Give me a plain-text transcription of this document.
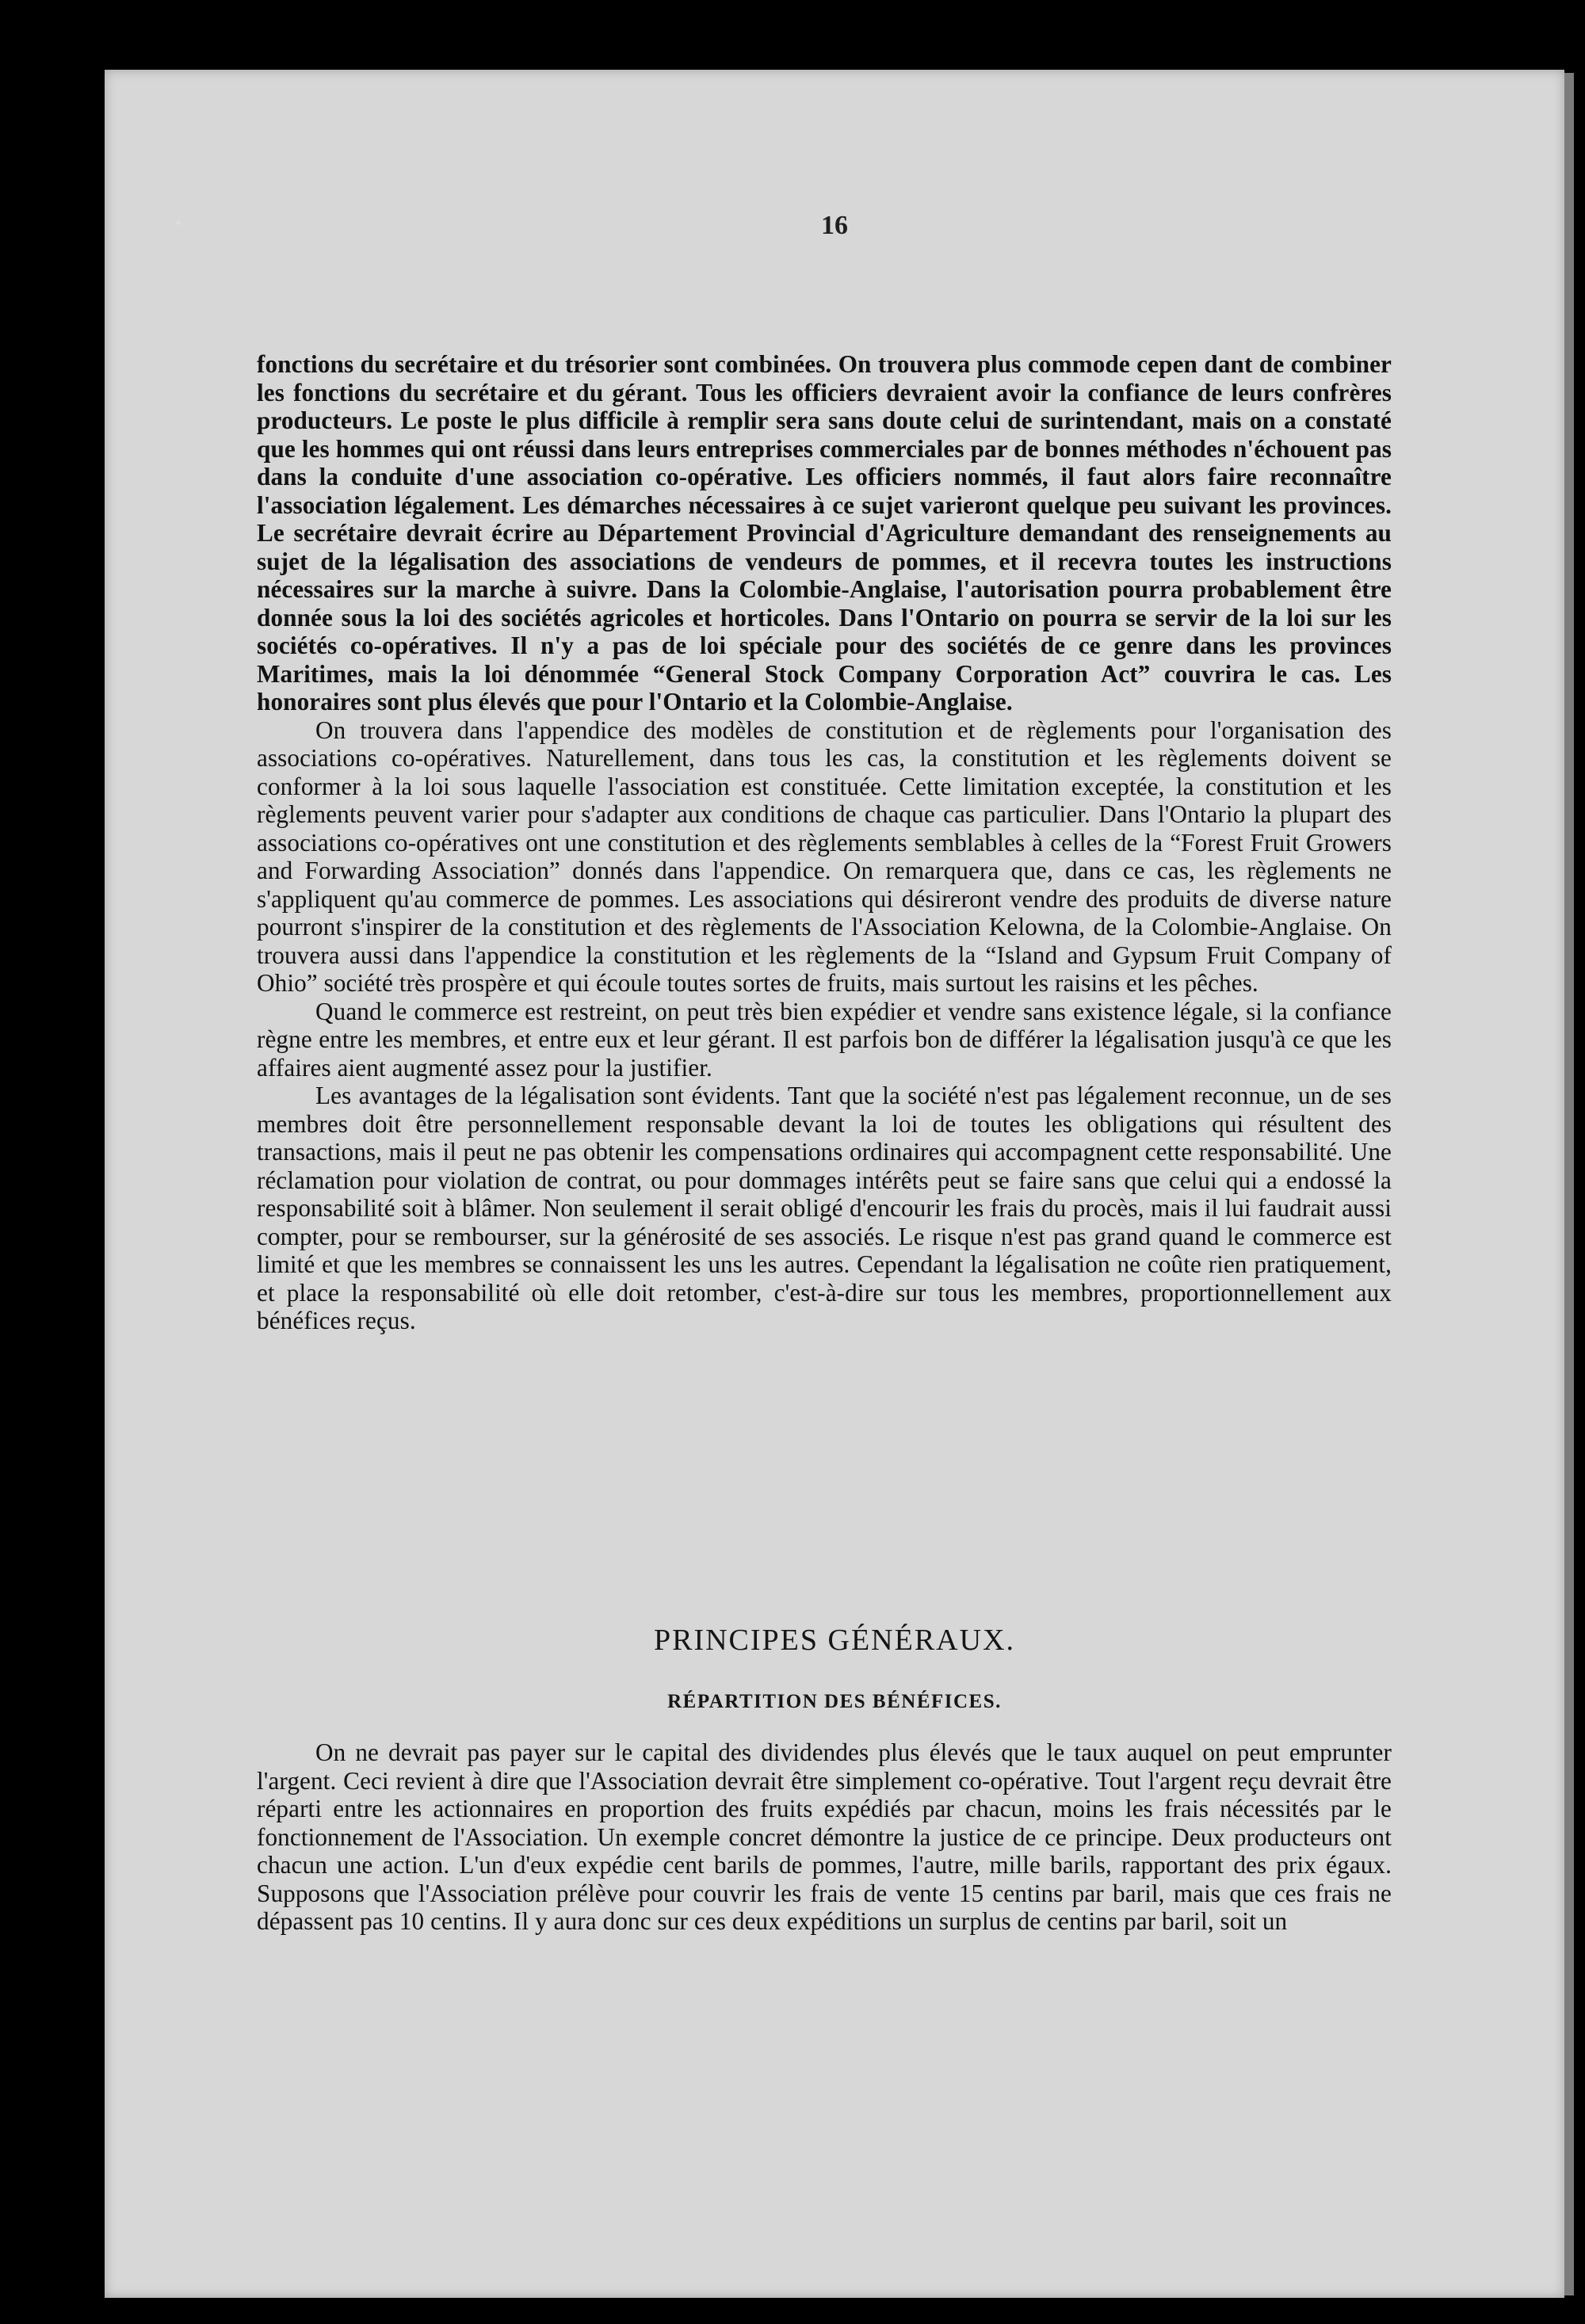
16

fonctions du secrétaire et du trésorier sont combinées. On trouvera plus commode cepen dant de combiner les fonctions du secrétaire et du gérant. Tous les officiers devraient avoir la confiance de leurs confrères producteurs. Le poste le plus difficile à remplir sera sans doute celui de surintendant, mais on a constaté que les hommes qui ont réussi dans leurs entreprises commerciales par de bonnes méthodes n'échouent pas dans la conduite d'une association co-opérative. Les officiers nommés, il faut alors faire reconnaître l'association légalement. Les démarches nécessaires à ce sujet varieront quelque peu suivant les provinces. Le secrétaire devrait écrire au Département Provincial d'Agriculture demandant des renseignements au sujet de la légalisation des associations de vendeurs de pommes, et il recevra toutes les instructions nécessaires sur la marche à suivre. Dans la Colombie-Anglaise, l'autorisation pourra probablement être donnée sous la loi des sociétés agricoles et horticoles. Dans l'Ontario on pourra se servir de la loi sur les sociétés co-opératives. Il n'y a pas de loi spéciale pour des sociétés de ce genre dans les provinces Maritimes, mais la loi dénommée “General Stock Company Corporation Act” couvrira le cas. Les honoraires sont plus élevés que pour l'Ontario et la Colombie-Anglaise.

On trouvera dans l'appendice des modèles de constitution et de règlements pour l'organisation des associations co-opératives. Naturellement, dans tous les cas, la constitution et les règlements doivent se conformer à la loi sous laquelle l'association est constituée. Cette limitation exceptée, la constitution et les règlements peuvent varier pour s'adapter aux conditions de chaque cas particulier. Dans l'Ontario la plupart des associations co-opératives ont une constitution et des règlements semblables à celles de la “Forest Fruit Growers and Forwarding Association” donnés dans l'appendice. On remarquera que, dans ce cas, les règlements ne s'appliquent qu'au commerce de pommes. Les associations qui désireront vendre des produits de diverse nature pourront s'inspirer de la constitution et des règlements de l'Association Kelowna, de la Colombie-Anglaise. On trouvera aussi dans l'appendice la constitution et les règlements de la “Island and Gypsum Fruit Company of Ohio” société très prospère et qui écoule toutes sortes de fruits, mais surtout les raisins et les pêches.

Quand le commerce est restreint, on peut très bien expédier et vendre sans existence légale, si la confiance règne entre les membres, et entre eux et leur gérant. Il est parfois bon de différer la légalisation jusqu'à ce que les affaires aient augmenté assez pour la justifier.

Les avantages de la légalisation sont évidents. Tant que la société n'est pas légalement reconnue, un de ses membres doit être personnellement responsable devant la loi de toutes les obligations qui résultent des transactions, mais il peut ne pas obtenir les compensations ordinaires qui accompagnent cette responsabilité. Une réclamation pour violation de contrat, ou pour dommages intérêts peut se faire sans que celui qui a endossé la responsabilité soit à blâmer. Non seulement il serait obligé d'encourir les frais du procès, mais il lui faudrait aussi compter, pour se rembourser, sur la générosité de ses associés. Le risque n'est pas grand quand le commerce est limité et que les membres se connaissent les uns les autres. Cependant la légalisation ne coûte rien pratiquement, et place la responsabilité où elle doit retomber, c'est-à-dire sur tous les membres, proportionnellement aux bénéfices reçus.

PRINCIPES GÉNÉRAUX.
RÉPARTITION DES BÉNÉFICES.

On ne devrait pas payer sur le capital des dividendes plus élevés que le taux auquel on peut emprunter l'argent. Ceci revient à dire que l'Association devrait être simplement co-opérative. Tout l'argent reçu devrait être réparti entre les actionnaires en proportion des fruits expédiés par chacun, moins les frais nécessités par le fonctionnement de l'Association. Un exemple concret démontre la justice de ce principe. Deux producteurs ont chacun une action. L'un d'eux expédie cent barils de pommes, l'autre, mille barils, rapportant des prix égaux. Supposons que l'Association prélève pour couvrir les frais de vente 15 centins par baril, mais que ces frais ne dépassent pas 10 centins. Il y aura donc sur ces deux expéditions un surplus de centins par baril, soit un
